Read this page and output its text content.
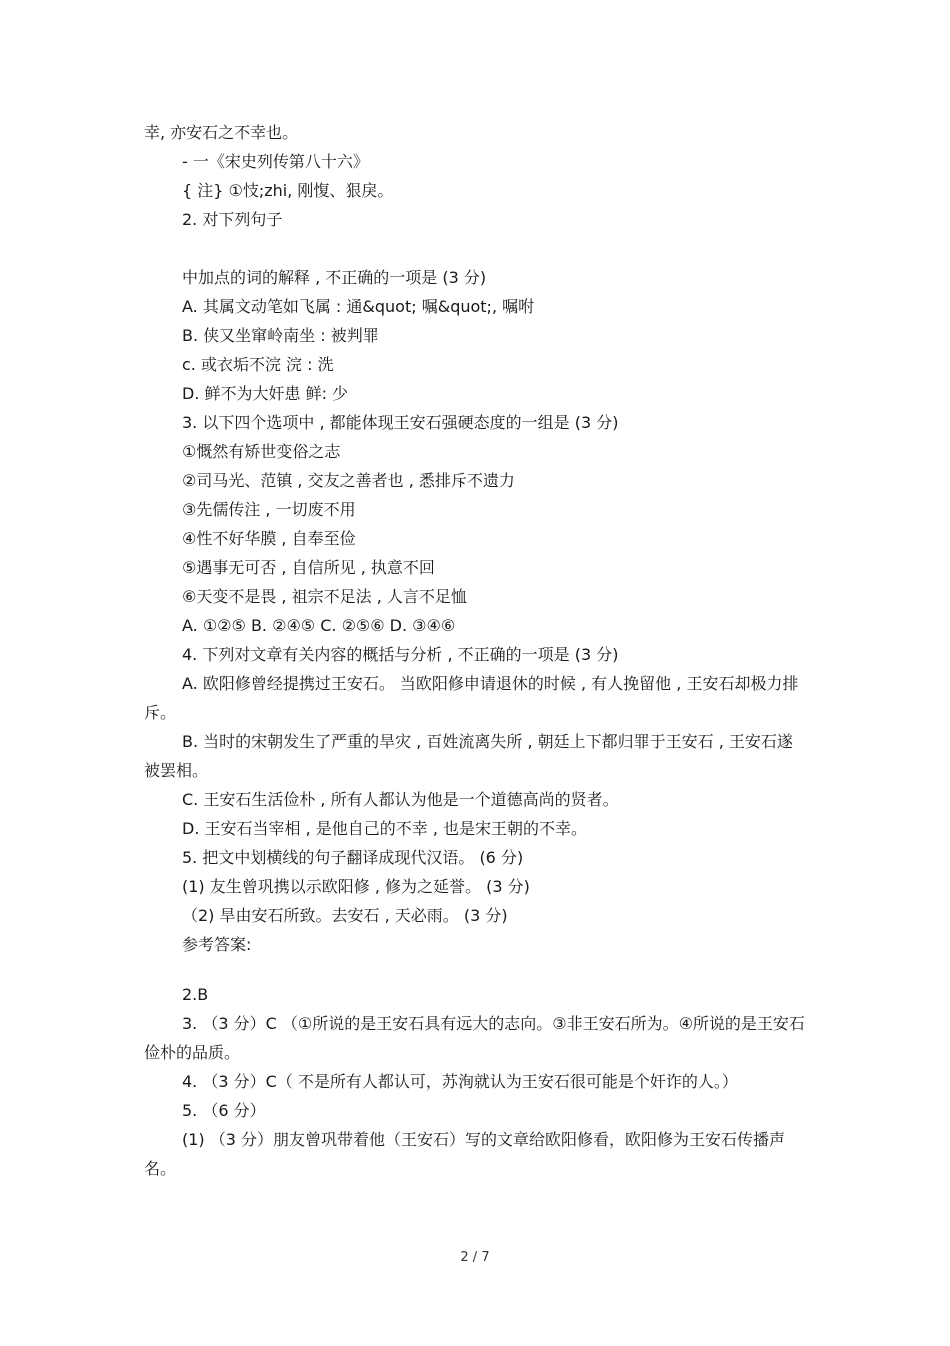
幸, 亦安石之不幸也。
- 一《宋史列传第八十六》
{ 注} ①忮;zhi, 刚愎、狠戾。
2. 对下列句子
中加点的词的解释 , 不正确的一项是 (3 分)
A. 其属文动笔如飞属 : 通&quot; 嘱&quot;, 嘱咐
B. 侠又坐窜岭南坐 : 被判罪
c. 或衣垢不浣 浣 : 洗
D. 鲜不为大奸患 鲜: 少
3. 以下四个选项中 , 都能体现王安石强硬态度的一组是 (3 分)
①慨然有矫世变俗之志
②司马光、范镇 , 交友之善者也 , 悉排斥不遗力
③先儒传注 , 一切废不用
④性不好华膜 , 自奉至俭
⑤遇事无可否 , 自信所见 , 执意不回
⑥天变不是畏 , 祖宗不足法 , 人言不足恤
A. ①②⑤ B. ②④⑤ C. ②⑤⑥ D. ③④⑥
4. 下列对文章有关内容的概括与分析 , 不正确的一项是 (3 分)
A. 欧阳修曾经提携过王安石。 当欧阳修申请退休的时候 , 有人挽留他 , 王安石却极力排斥。
B. 当时的宋朝发生了严重的旱灾 , 百姓流离失所 , 朝廷上下都归罪于王安石 , 王安石遂被罢相。
C. 王安石生活俭朴 , 所有人都认为他是一个道德高尚的贤者。
D. 王安石当宰相 , 是他自己的不幸 , 也是宋王朝的不幸。
5. 把文中划横线的句子翻译成现代汉语。 (6 分)
(1) 友生曾巩携以示欧阳修 , 修为之延誉。 (3 分)
（2) 旱由安石所致。去安石 , 天必雨。 (3 分)
参考答案:
2.B
3. （3 分）C （①所说的是王安石具有远大的志向。③非王安石所为。④所说的是王安石俭朴的品质。
4. （3 分）C（ 不是所有人都认可，苏洵就认为王安石很可能是个奸诈的人。）
5. （6 分）
(1) （3 分）朋友曾巩带着他（王安石）写的文章给欧阳修看，欧阳修为王安石传播声名。
2 / 7
